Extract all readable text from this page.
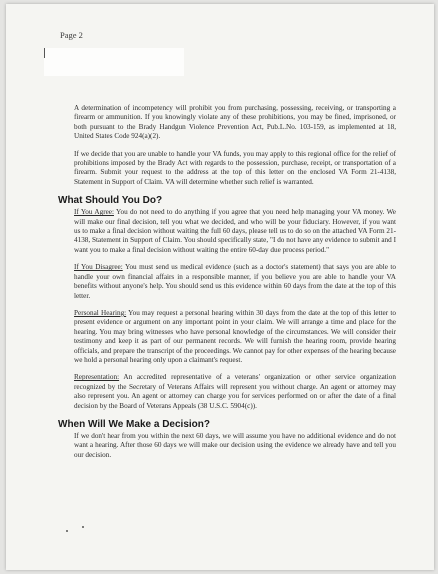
Page 2

A determination of incompetency will prohibit you from purchasing, possessing, receiving, or transporting a firearm or ammunition. If you knowingly violate any of these prohibitions, you may be fined, imprisoned, or both pursuant to the Brady Handgun Violence Prevention Act, Pub.L.No. 103-159, as implemented at 18, United States Code 924(a)(2).

If we decide that you are unable to handle your VA funds, you may apply to this regional office for the relief of prohibitions imposed by the Brady Act with regards to the possession, purchase, receipt, or transportation of a firearm. Submit your request to the address at the top of this letter on the enclosed VA Form 21-4138, Statement in Support of Claim. VA will determine whether such relief is warranted.

What Should You Do?

If You Agree: You do not need to do anything if you agree that you need help managing your VA money. We will make our final decision, tell you what we decided, and who will be your fiduciary. However, if you want us to make a final decision without waiting the full 60 days, please tell us to do so on the attached VA Form 21-4138, Statement in Support of Claim. You should specifically state, "I do not have any evidence to submit and I want you to make a final decision without waiting the entire 60-day due process period."

If You Disagree: You must send us medical evidence (such as a doctor's statement) that says you are able to handle your own financial affairs in a responsible manner, if you believe you are able to handle your VA benefits without anyone's help. You should send us this evidence within 60 days from the date at the top of this letter.

Personal Hearing: You may request a personal hearing within 30 days from the date at the top of this letter to present evidence or argument on any important point in your claim. We will arrange a time and place for the hearing. You may bring witnesses who have personal knowledge of the circumstances. We will consider their testimony and keep it as part of our permanent records. We will furnish the hearing room, provide hearing officials, and prepare the transcript of the proceedings. We cannot pay for other expenses of the hearing because we hold a personal hearing only upon a claimant's request.

Representation: An accredited representative of a veterans' organization or other service organization recognized by the Secretary of Veterans Affairs will represent you without charge. An agent or attorney may also represent you. An agent or attorney can charge you for services performed on or after the date of a final decision by the Board of Veterans Appeals (38 U.S.C. 5904(c)).

When Will We Make a Decision?

If we don't hear from you within the next 60 days, we will assume you have no additional evidence and do not want a hearing. After those 60 days we will make our decision using the evidence we already have and tell you our decision.
